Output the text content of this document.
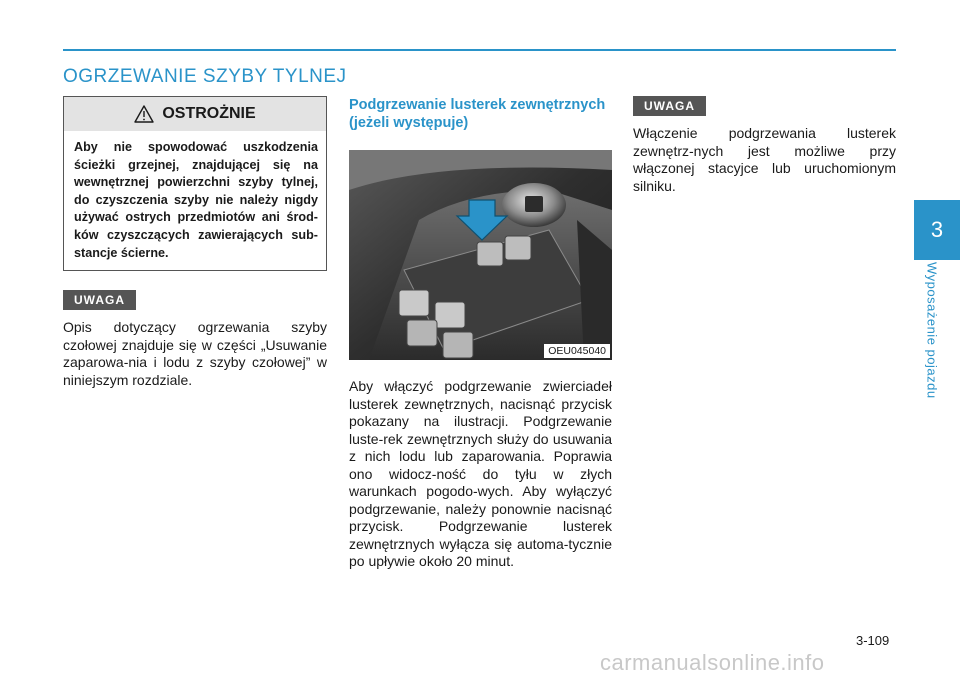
OGRZEWANIE SZYBY TYLNEJ
OSTROŻNIE
Aby nie spowodować uszkodzenia ścieżki grzejnej, znajdującej się na wewnętrznej powierzchni szyby tylnej, do czyszczenia szyby nie należy nigdy używać ostrych przedmiotów ani środ-ków czyszczących zawierających sub-stancje ścierne.
UWAGA

Opis dotyczący ogrzewania szyby czołowej znajduje się w części „Usuwanie zaparowa-nia i lodu z szyby czołowej” w niniejszym rozdziale.

Podgrzewanie lusterek zewnętrznych

(jeżeli występuje)

OEU045040

Aby włączyć podgrzewanie zwierciadeł lusterek zewnętrznych, nacisnąć przycisk pokazany na ilustracji. Podgrzewanie luste-rek zewnętrznych służy do usuwania z nich lodu lub zaparowania. Poprawia ono widocz-ność do tyłu w złych warunkach pogodo-wych. Aby wyłączyć podgrzewanie, należy ponownie nacisnąć przycisk. Podgrzewanie lusterek zewnętrznych wyłącza się automa-tycznie po upływie około 20 minut.

UWAGA

Włączenie podgrzewania lusterek zewnętrz-nych jest możliwe przy włączonej stacyjce lub uruchomionym silniku.

3
Wyposażenie pojazdu
3-109
carmanualsonline.info
